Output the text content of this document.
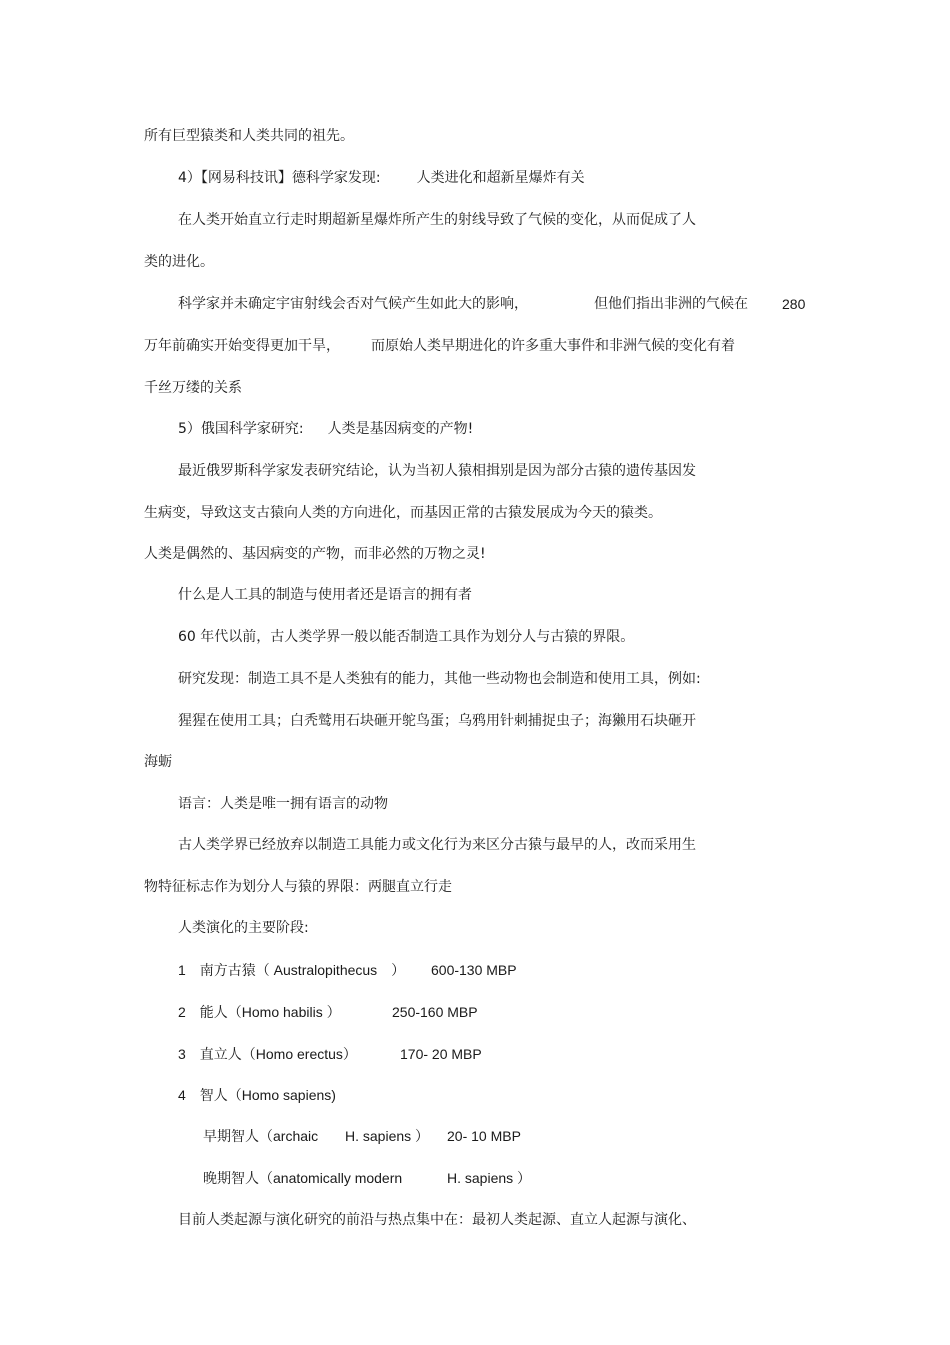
所有巨型猿类和人类共同的祖先。
4）【网易科技讯】德科学家发现:	人类进化和超新星爆炸有关
在人类开始直立行走时期超新星爆炸所产生的射线导致了气候的变化，从而促成了人
类的进化。
科学家并未确定宇宙射线会否对气候产生如此大的影响，	但他们指出非洲的气候在 280
万年前确实开始变得更加干旱， 而原始人类早期进化的许多重大事件和非洲气候的变化有着
千丝万缕的关系
5）俄国科学家研究: 人类是基因病变的产物!
最近俄罗斯科学家发表研究结论，认为当初人猿相揖别是因为部分古猿的遗传基因发
生病变，导致这支古猿向人类的方向进化，而基因正常的古猿发展成为今天的猿类。
人类是偶然的、基因病变的产物，而非必然的万物之灵!
什么是人工具的制造与使用者还是语言的拥有者
60 年代以前，古人类学界一般以能否制造工具作为划分人与古猿的界限。
研究发现：制造工具不是人类独有的能力，其他一些动物也会制造和使用工具，例如:
猩猩在使用工具；白秃鹫用石块砸开鸵鸟蛋；乌鸦用针刺捕捉虫子；海獭用石块砸开
海蛎
语言：人类是唯一拥有语言的动物
古人类学界已经放弃以制造工具能力或文化行为来区分古猿与最早的人，改而采用生
物特征标志作为划分人与猿的界限：两腿直立行走
人类演化的主要阶段:
1　南方古猿（ Australopithecus　） 600-130 MBP
2　能人（Homo habilis ）	250-160 MBP
3　直立人（Homo erectus）	170- 20 MBP
4　智人（Homo sapiens)
早期智人（archaic H. sapiens ） 20- 10 MBP
晚期智人（anatomically modern	H. sapiens ）
目前人类起源与演化研究的前沿与热点集中在：最初人类起源、直立人起源与演化、
